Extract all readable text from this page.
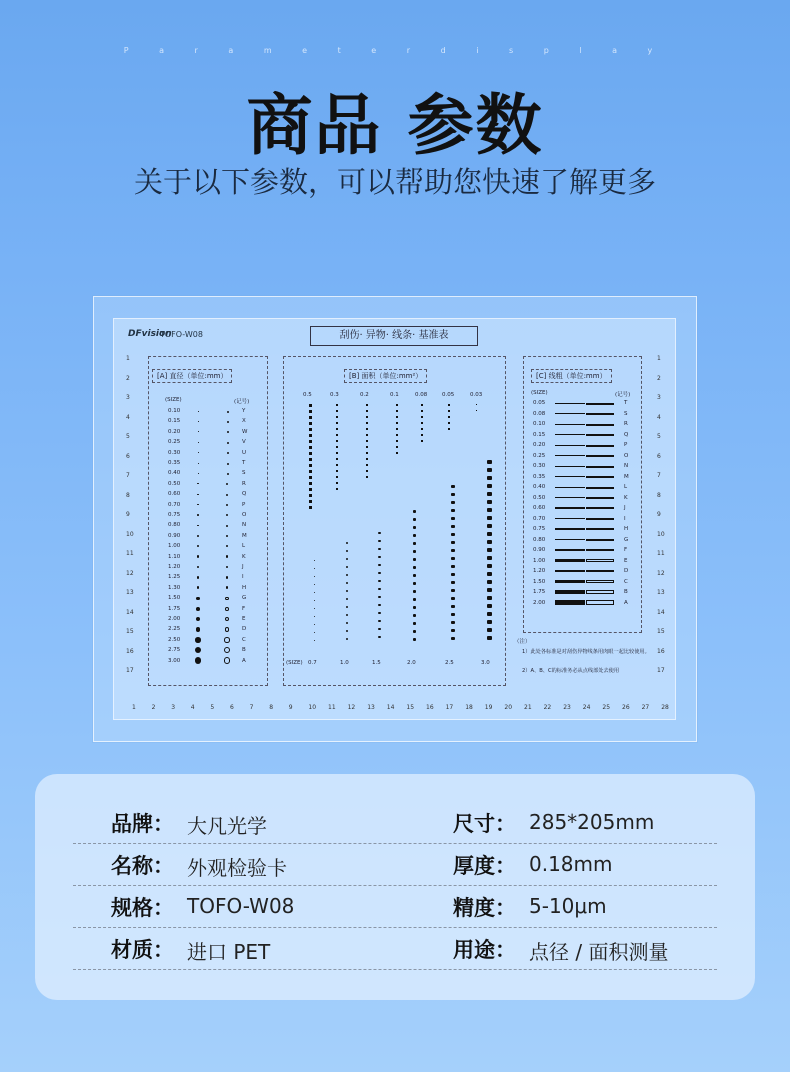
P a r a m e t e r d i s p l a y
商品 参数
关于以下参数，可以帮助您快速了解更多
DFvision
TOFO-W08	刮伤· 异物· 线条· 基准表
[A] 直径（单位:mm）
(SIZE)	(记号)
0.10	Y
0.15	X
0.20	W
0.25	V
0.30	U
0.35	T
0.40	S
0.50	R
0.60	Q
0.70	P
0.75	O
0.80	N
0.90	M
1.00	L
1.10	K
1.20	J
1.25	I
1.30	H
1.50	G
1.75	F
2.00	E
2.25	D
2.50	C
2.75	B
3.00	A
[B] 面积（单位:mm²）
0.5	0.3	0.2	0.1	0.08	0.05	0.03
0.7	1.0	1.5	2.0	2.5	3.0
(SIZE)
[C] 线粗（单位:mm）
(SIZE)	(记号)
0.05	T
0.08	S
0.10	R
0.15	Q
0.20	P
0.25	O
0.30	N
0.35	M
0.40	L
0.50	K
0.60	J
0.70	I
0.75	H
0.80	G
0.90	F
1.00	E
1.20	D
1.50	C
1.75	B
2.00	A
（注）
1）此处各标准是对刮伤异物线条用肉眼一起比较使用。
2）A、B、C的标准务必从点线部处去使用
1
2
3
4
5
6
7
8
9
10
11
12
13
14
15
16
17
1
2
3
4
5
6
7
8
9
10
11
12
13
14
15
16
17
1	2	3	4	5	6	7	8	9	10 11 12 13 14 15 16 17 18 19 20 21 22 23 24 25 26 27 28
品牌： 大凡光学	尺寸： 285*205mm
名称： 外观检验卡	厚度： 0.18mm
规格： TOFO-W08	精度： 5-10μm
材质： 进口 PET	用途： 点径 / 面积测量
